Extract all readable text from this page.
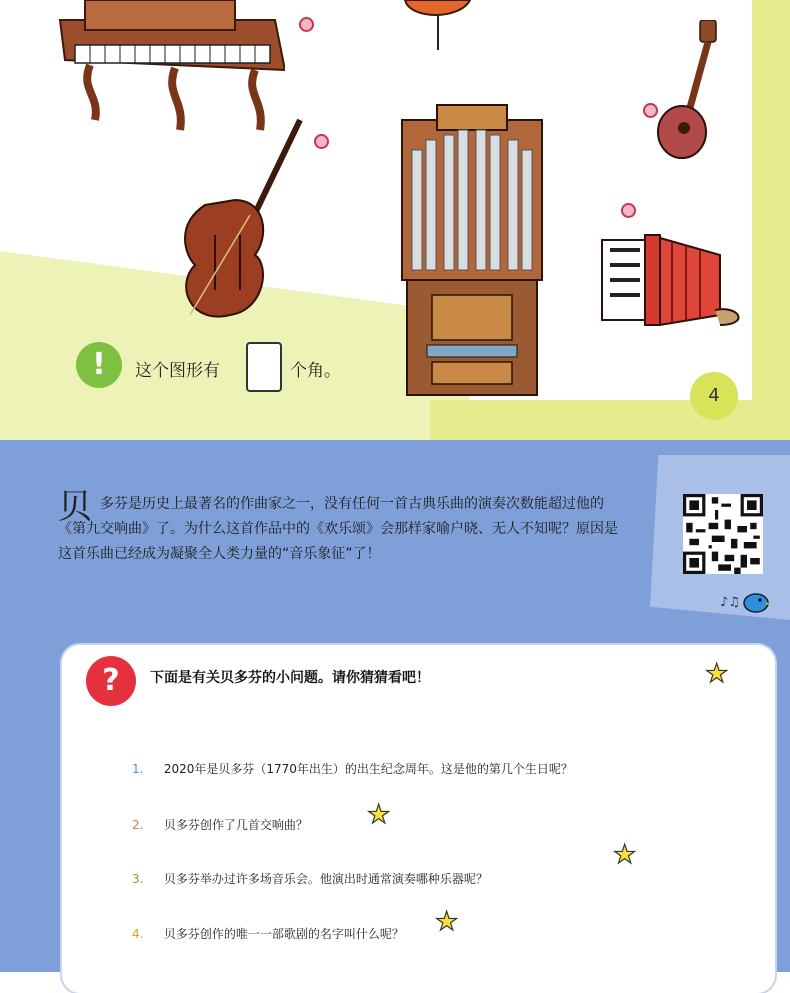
!	这个图形有	个角。
4
贝 多芬是历史上最著名的作曲家之一，没有任何一首古典乐曲的演奏次数能超过他的《第九交响曲》了。为什么这首作品中的《欢乐颂》会那样家喻户晓、无人不知呢？原因是这首乐曲已经成为凝聚全人类力量的“音乐象征”了！
♪♫
?	下面是有关贝多芬的小问题。请你猜猜看吧！	★
★
★
★
1. 2020年是贝多芬（1770年出生）的出生纪念周年。这是他的第几个生日呢？
2. 贝多芬创作了几首交响曲？
3. 贝多芬举办过许多场音乐会。他演出时通常演奏哪种乐器呢？
4. 贝多芬创作的唯一一部歌剧的名字叫什么呢？
